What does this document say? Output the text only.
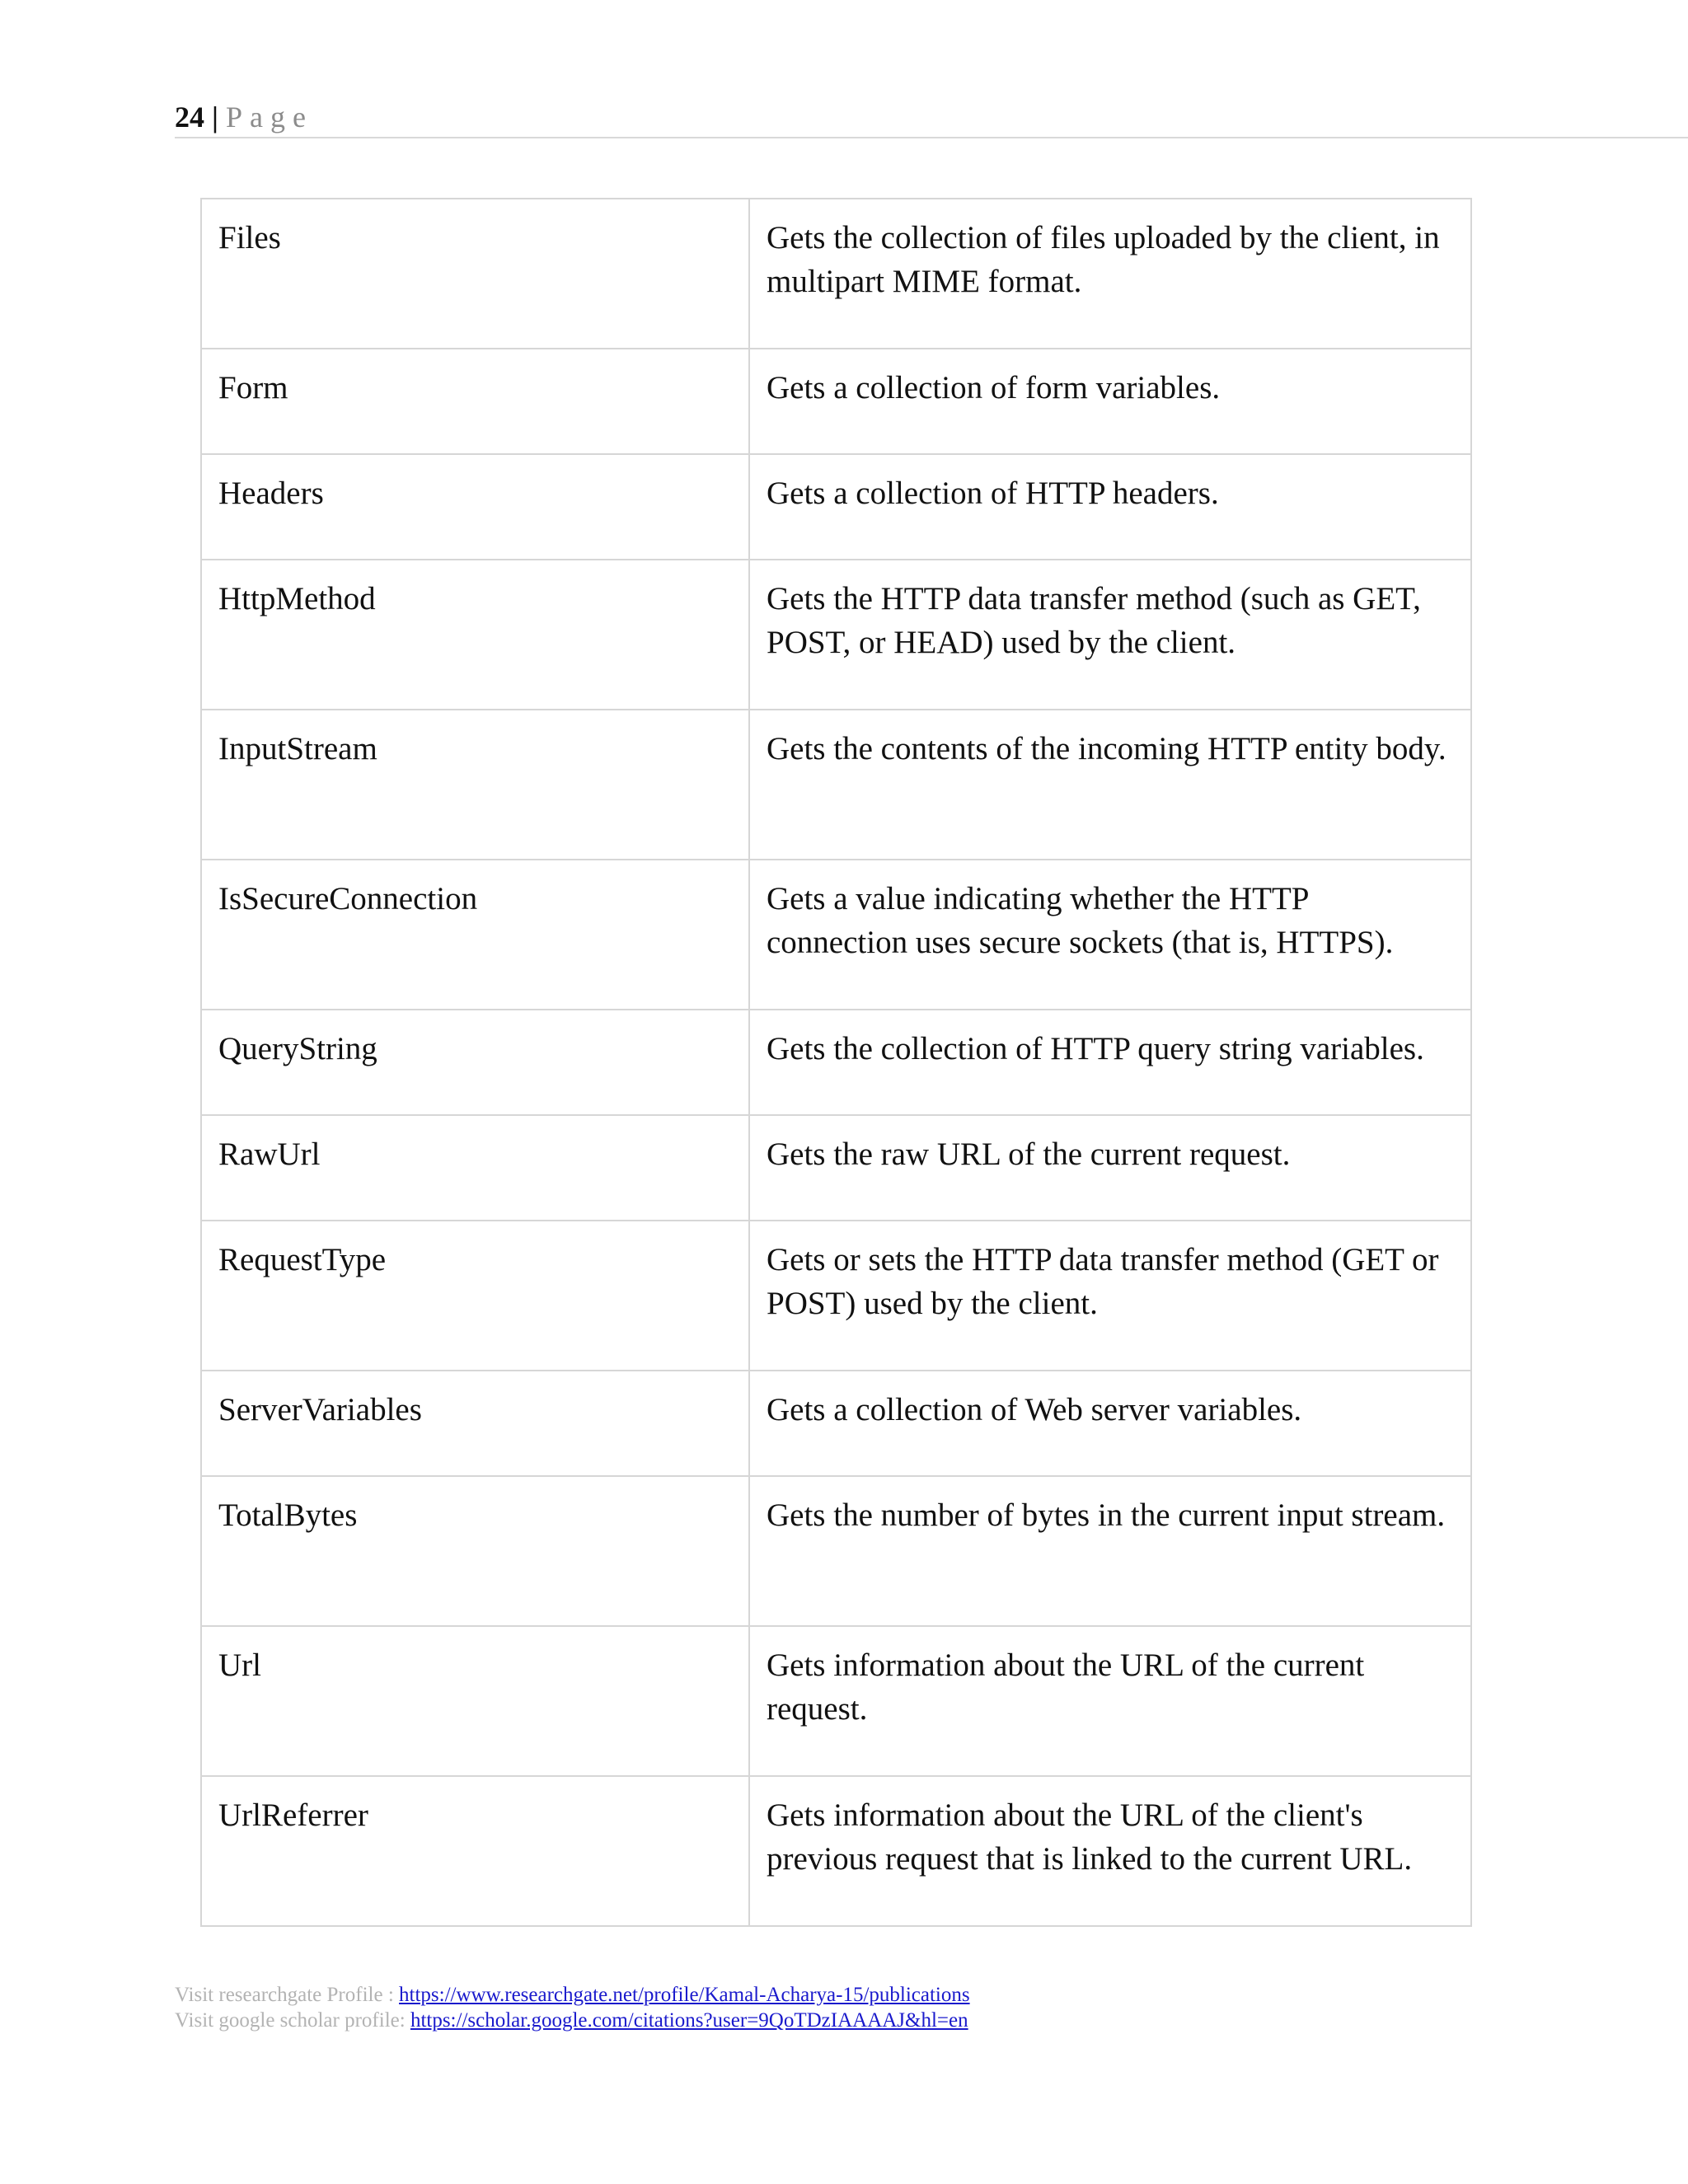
24 | Page
Files	Gets the collection of files uploaded by the client, in multipart MIME format.
Form	Gets a collection of form variables.
Headers	Gets a collection of HTTP headers.
HttpMethod	Gets the HTTP data transfer method (such as GET, POST, or HEAD) used by the client.
InputStream	Gets the contents of the incoming HTTP entity body.
IsSecureConnection	Gets a value indicating whether the HTTP connection uses secure sockets (that is, HTTPS).
QueryString	Gets the collection of HTTP query string variables.
RawUrl	Gets the raw URL of the current request.
RequestType	Gets or sets the HTTP data transfer method (GET or POST) used by the client.
ServerVariables	Gets a collection of Web server variables.
TotalBytes	Gets the number of bytes in the current input stream.
Url	Gets information about the URL of the current request.
UrlReferrer	Gets information about the URL of the client's previous request that is linked to the current URL.
Visit researchgate Profile : https://www.researchgate.net/profile/Kamal-Acharya-15/publications
Visit google scholar profile: https://scholar.google.com/citations?user=9QoTDzIAAAAJ&hl=en
